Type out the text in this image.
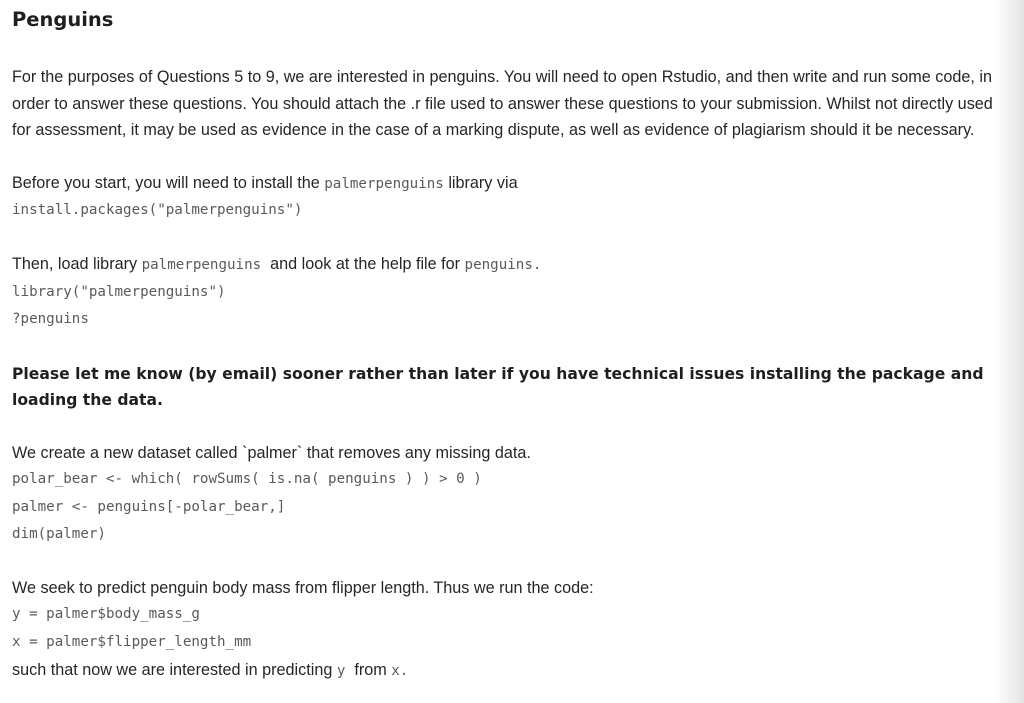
Penguins

For the purposes of Questions 5 to 9, we are interested in penguins. You will need to open Rstudio, and then write and run some code, in order to answer these questions. You should attach the .r file used to answer these questions to your submission. Whilst not directly used for assessment, it may be used as evidence in the case of a marking dispute, as well as evidence of plagiarism should it be necessary.

Before you start, you will need to install the palmerpenguins library via
install.packages("palmerpenguins")
Then, load library palmerpenguins  and look at the help file for penguins.
library("palmerpenguins")
?penguins

Please let me know (by email) sooner rather than later if you have technical issues installing the package and loading the data.

We create a new dataset called `palmer` that removes any missing data.
polar_bear <- which( rowSums( is.na( penguins ) ) > 0 )
palmer <- penguins[-polar_bear,]
dim(palmer)
We seek to predict penguin body mass from flipper length. Thus we run the code:
y = palmer$body_mass_g
x = palmer$flipper_length_mm
such that now we are interested in predicting y  from x.
